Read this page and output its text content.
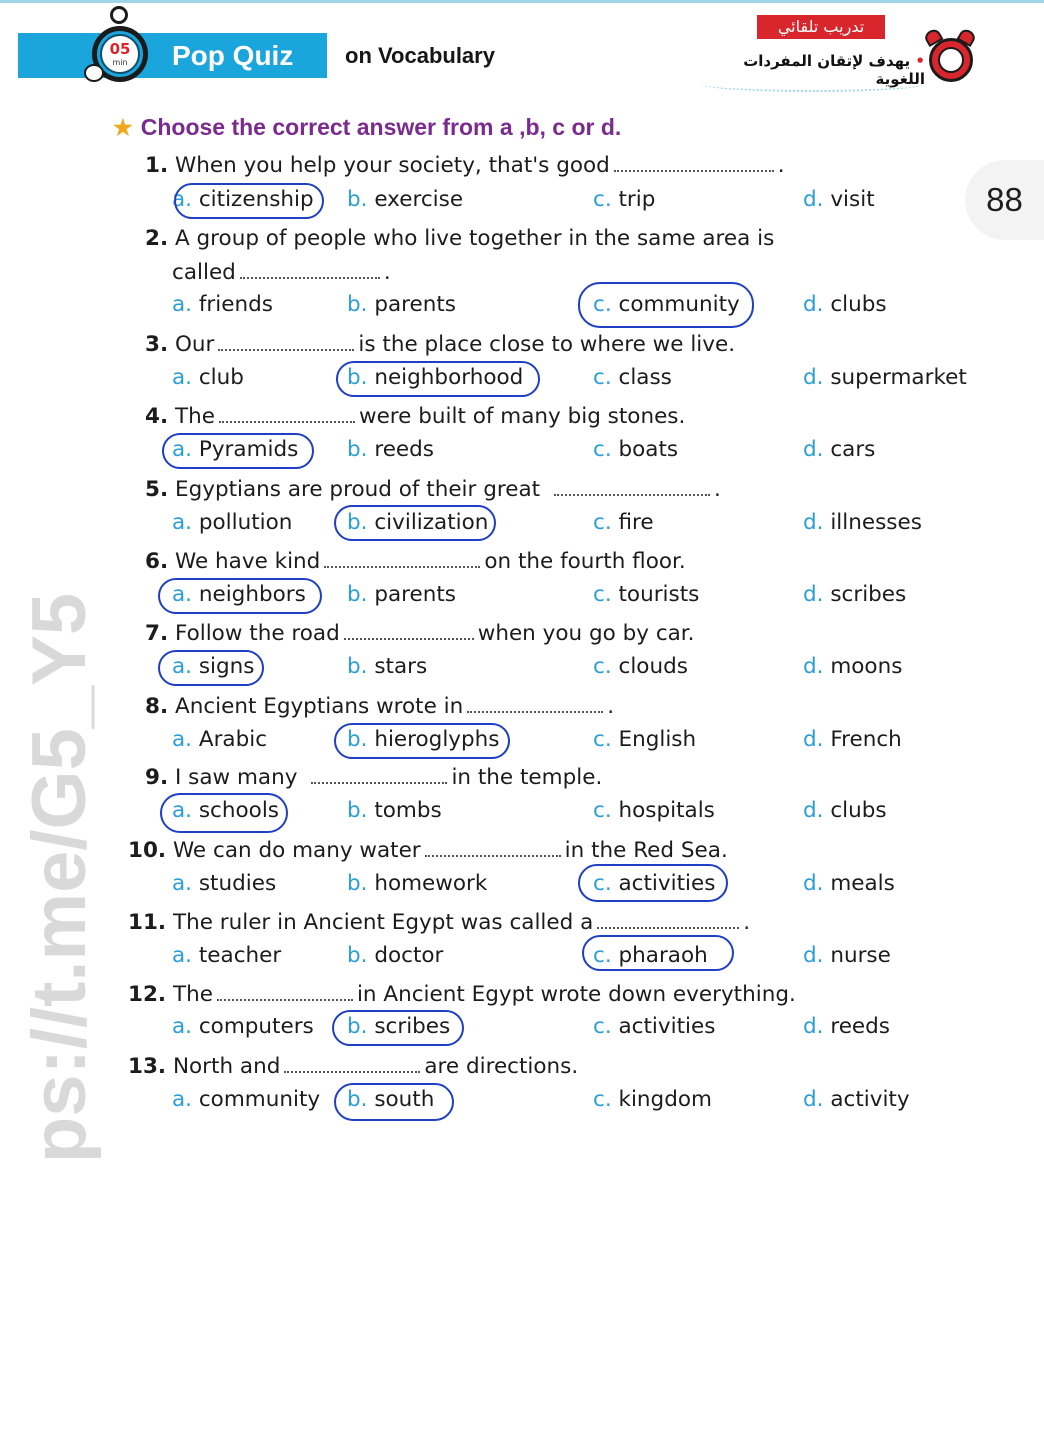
ps://t.me/G5_Y5
05
min	Pop Quiz on Vocabulary
تدريب تلقائي
• يهدف لإتقان المفردات اللغوية
★ Choose the correct answer from a ,b, c or d.
88
1. When you help your society, that's good	.
a. citizenship b. exercise	c. trip	d. visit
2. A group of people who live together in the same area is
called	.
a. friends	b. parents	c. community	d. clubs
3. Our	is the place close to where we live.
a. club	b. neighborhood	c. class	d. supermarket
4. The	were built of many big stones.
a. Pyramids b. reeds	c. boats	d. cars
5. Egyptians are proud of their great	.
a. pollution	b. civilization	c. fire	d. illnesses
6. We have kind	on the fourth floor.
a. neighbors b. parents	c. tourists	d. scribes
7. Follow the road	when you go by car.
a. signs	b. stars	c. clouds	d. moons
8. Ancient Egyptians wrote in	.
a. Arabic	b. hieroglyphs	c. English	d. French
9. I saw many	in the temple.
a. schools	b. tombs	c. hospitals	d. clubs
10. We can do many water	in the Red Sea.
a. studies	b. homework	c. activities	d. meals
11. The ruler in Ancient Egypt was called a	.
a. teacher	b. doctor	c. pharaoh	d. nurse
12. The	in Ancient Egypt wrote down everything.
a. computers b. scribes	c. activities	d. reeds
13. North and	are directions.
a. community b. south	c. kingdom	d. activity
